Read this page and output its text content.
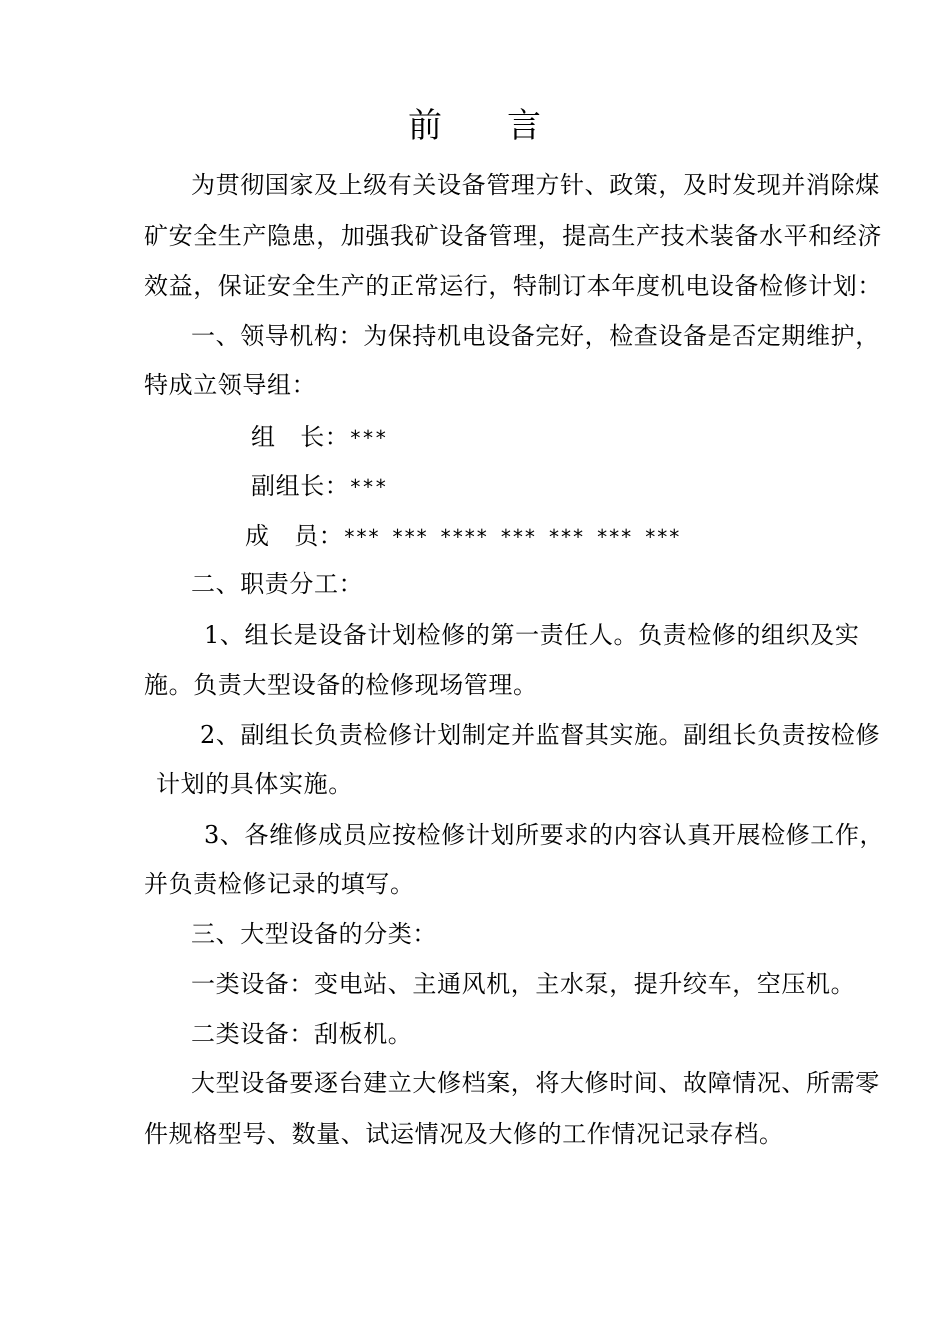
前 言
为贯彻国家及上级有关设备管理方针、政策，及时发现并消除煤
矿安全生产隐患，加强我矿设备管理，提高生产技术装备水平和经济
效益，保证安全生产的正常运行，特制订本年度机电设备检修计划：
一、领导机构：为保持机电设备完好，检查设备是否定期维护，
特成立领导组：
组　长：***
副组长：***
成　员：*** *** **** *** *** *** ***
二、职责分工：
1、组长是设备计划检修的第一责任人。负责检修的组织及实
施。负责大型设备的检修现场管理。
2、副组长负责检修计划制定并监督其实施。副组长负责按检修
计划的具体实施。
3、各维修成员应按检修计划所要求的内容认真开展检修工作，
并负责检修记录的填写。
三、大型设备的分类：
一类设备：变电站、主通风机，主水泵，提升绞车，空压机。
二类设备：刮板机。
大型设备要逐台建立大修档案，将大修时间、故障情况、所需零
件规格型号、数量、试运情况及大修的工作情况记录存档。
